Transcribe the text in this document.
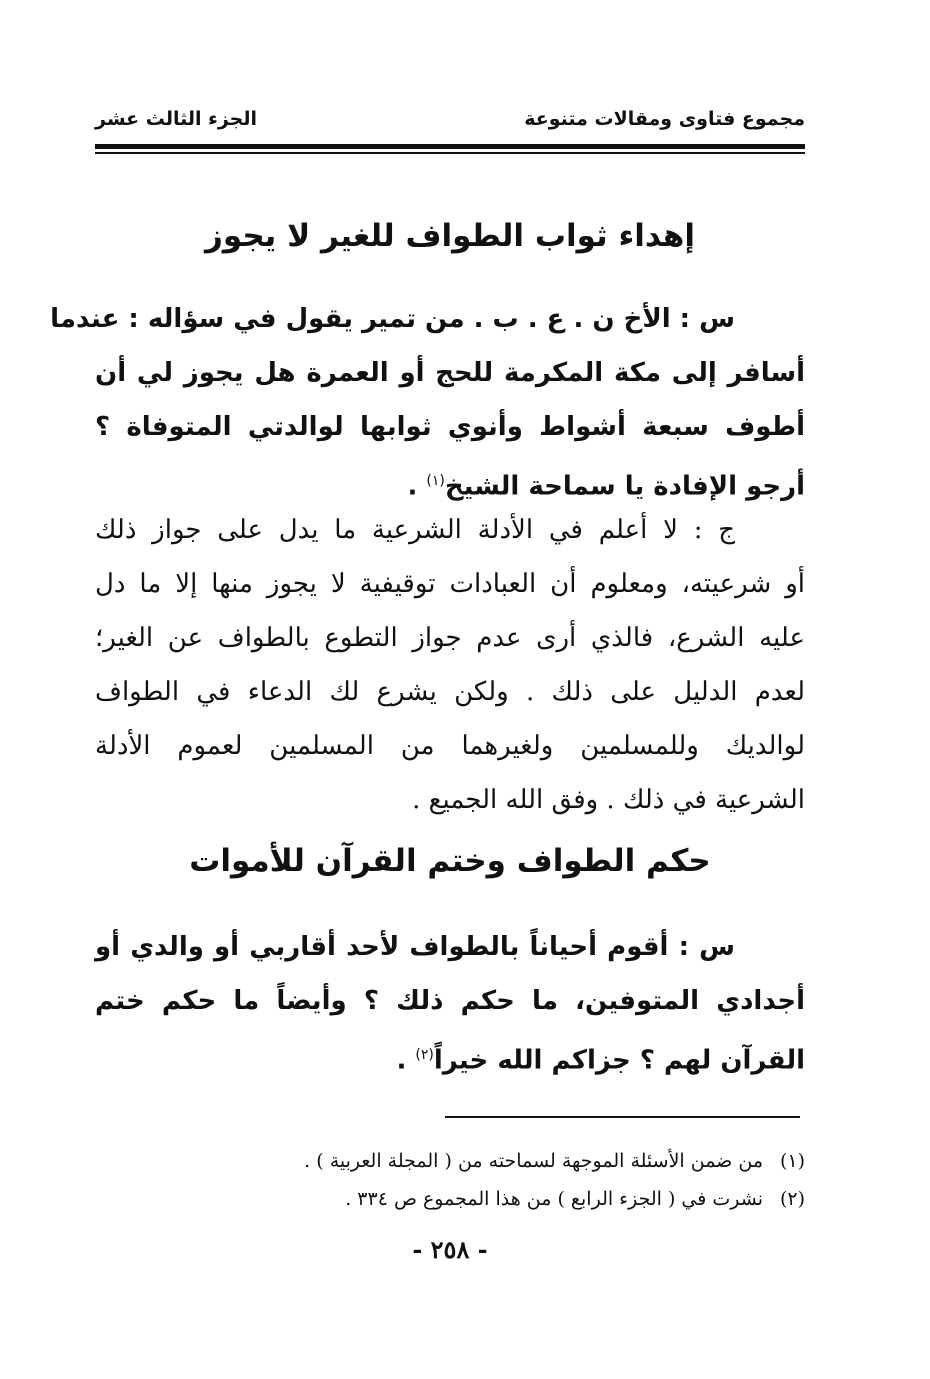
مجموع فتاوى ومقالات متنوعة
الجزء الثالث عشر
إهداء ثواب الطواف للغير لا يجوز
س : الأخ ن . ع . ب . من تمير يقول في سؤاله : عندما
أسافر إلى مكة المكرمة للحج أو العمرة هل يجوز لي أن
أطوف سبعة أشواط وأنوي ثوابها لوالدتي المتوفاة ؟
أرجو الإفادة يا سماحة الشيخ$^{(١)}$ .
ج : لا أعلم في الأدلة الشرعية ما يدل على جواز ذلك
أو شرعيته، ومعلوم أن العبادات توقيفية لا يجوز منها إلا ما دل
عليه الشرع، فالذي أرى عدم جواز التطوع بالطواف عن الغير؛
لعدم الدليل على ذلك . ولكن يشرع لك الدعاء في الطواف
لوالديك وللمسلمين ولغيرهما من المسلمين لعموم الأدلة
الشرعية في ذلك . وفق الله الجميع .
حكم الطواف وختم القرآن للأموات
س : أقوم أحياناً بالطواف لأحد أقاربي أو والدي أو
أجدادي المتوفين، ما حكم ذلك ؟ وأيضاً ما حكم ختم
القرآن لهم ؟ جزاكم الله خيراً$^{(٢)}$ .
(١)من ضمن الأسئلة الموجهة لسماحته من ( المجلة العربية ) .
(٢)نشرت في ( الجزء الرابع ) من هذا المجموع ص ٣٣٤ .
- ٢٥٨ -
